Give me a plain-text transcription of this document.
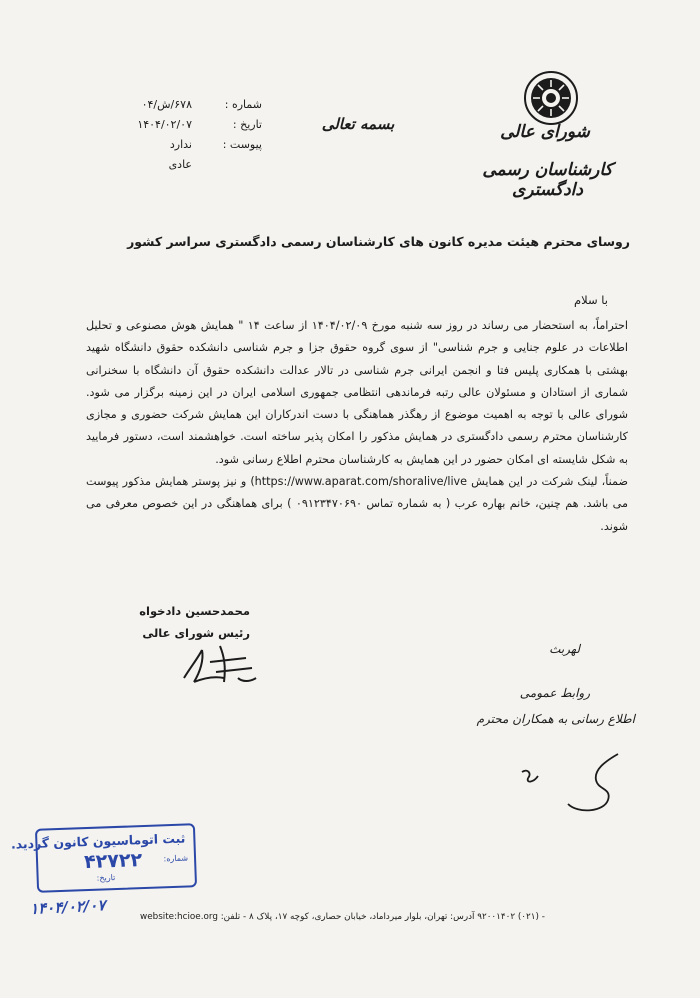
شماره :
۶۷۸/ش/۰۴
تاریخ :
۱۴۰۴/۰۲/۰۷
پیوست :
ندارد
عادی
بسمه تعالی	شورای عالی
کارشناسان رسمی دادگستری
روسای محترم هیئت مدیره کانون های کارشناسان رسمی دادگستری سراسر کشور
با سلام

احتراماً، به استحضار می رساند در روز سه شنبه مورخ ۱۴۰۴/۰۲/۰۹ از ساعت ۱۴ " همایش هوش مصنوعی و تحلیل اطلاعات در علوم جنایی و جرم شناسی" از سوی گروه حقوق جزا و جرم شناسی دانشکده حقوق دانشگاه شهید بهشتی با همکاری پلیس فتا و انجمن ایرانی جرم شناسی در تالار عدالت دانشکده حقوق آن دانشگاه با سخنرانی شماری از استادان و مسئولان عالی رتبه فرماندهی انتظامی جمهوری اسلامی ایران در این زمینه برگزار می شود. شورای عالی با توجه به اهمیت موضوع از رهگذر هماهنگی با دست اندرکاران این همایش شرکت حضوری و مجازی کارشناسان محترم رسمی دادگستری در همایش مذکور را امکان پذیر ساخته است. خواهشمند است، دستور فرمایید به شکل شایسته ای امکان حضور در این همایش به کارشناسان محترم اطلاع رسانی شود.

ضمناً، لینک شرکت در این همایش (https://www.aparat.com/shoralive/live و نیز پوستر همایش مذکور پیوست می باشد. هم چنین، خانم بهاره عرب ( به شماره تماس ۰۹۱۲۳۴۷۰۶۹۰ ) برای هماهنگی در این خصوص معرفی می شوند.

محمدحسین دادخواه
رئیس شورای عالی
لهربث
روابط عمومی
اطلاع رسانی به همکاران محترم
ثبت اتوماسیون کانون گردید.
شماره:
۴۲۷۲۲
تاریخ:
۱۴۰۴/۰۲/۰۷	website:hcioe.org - (۰۲۱) ۹۲۰۰۱۴۰۲ آدرس: تهران، بلوار میرداماد، خیابان حصاری، کوچه ۱۷، پلاک ۸ - تلفن:
